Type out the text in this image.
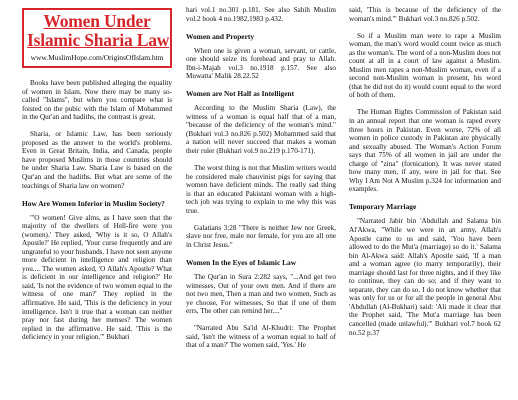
Women Under
Islamic Sharia Law
www.MuslimHope.com/OriginsOfIslam.htm

Books have been published alleging the equality of women in Islam. Now there may be many so-called "Islams", but when you compare what is foisted on the pubic with the Islam of Mohammed in the Qur'an and hadiths, the contrast is great.

Sharia, or Islamic Law, has been seriously proposed as the answer to the world's problems. Even in Great Britain, India, and Canada, people have proposed Muslims in those countries should be under Sharia Law. Sharia Law is based on the Qur'an and the hadiths. But what are some of the teachings of Sharia law on women?

How Are Women Inferior in Muslim Society?

"'O women! Give alms, as I have seen that the majority of the dwellers of Hell-fire were you (women).' They asked, 'Why is it so, O Allah's Apostle?' He replied, 'Your curse frequently and are ungrateful to your husbands. I have not seen anyone more deficient in intelligence and religion than you.... The women asked, 'O Allah's Apostle? What is deficient in our intelligence and religion?' He said, 'Is not the evidence of two women equal to the witness of one man?' They replied in the affirmative. He said, 'This is the deficiency in your intelligence. Isn't it true that a woman can neither pray nor fast during her menses? The women replied in the affirmative. He said, 'This is the deficiency in your religion.'" Bukhari

hari vol.1 no.301 p.181. See also Sahih Muslim vol.2 book 4 no.1982,1983 p.432.

Women and Property

When one is given a woman, servant, or cattle, one should seize its forehead and pray to Allah. Ibn-i-Majah vol.3 no.1918 p.157. See also Muwatta' Malik 28.22.52

Women are Not Half as Intelligent

According to the Muslim Sharia (Law), the witness of a woman is equal half that of a man, "because of the deficiency of the woman's mind." (Bukhari vol.3 no.826 p.502) Mohammed said that a nation will never succeed that makes a woman their ruler (Bukhari vol.9 no.219 p.170-171).

The worst thing is not that Muslim writers would be considered male chauvinist pigs for saying that women have deficient minds. The really sad thing is that an educated Pakistani woman with a high-tech job was trying to explain to me why this was true.

Galatians 3:28 "There is neither Jew nor Greek, slave nor free, male nor female, for you are all one in Christ Jesus."

Women In the Eyes of Islamic Law

The Qur'an in Sura 2:282 says, "...And get two witnesses, Out of your own men. And if there are not two men, Then a man and two women, Such as ye choose, For witnesses, So that if one of them errs, The other can remind her...."

"Narrated Abu Sa'id Al-Khudri: The Prophet said, 'Isn't the witness of a woman equal to half of that of a man?' The women said, 'Yes.' He

said, 'This is because of the deficiency of the woman's mind.'" Bukhari vol.3 no.826 p.502.

So if a Muslim man were to rape a Muslim woman, the man's word would count twice as much as the woman's. The word of a non-Muslim does not count at all in a court of law against a Muslim. Muslim men rapes a non-Muslim woman, even if a second non-Muslim woman is present, his word (that he did not do it) would count equal to the word of both of them.

The Human Rights Commission of Pakistan said in an annual report that one woman is raped every three hours in Pakistan. Even worse, 72% of all women in police custody in Pakistan are physically and sexually abused. The Woman's Action Forum says that 75% of all women in jail are under the charge of "zina" (fornication). It was never stated how many men, if any, were in jail for that. See Why I Am Not A Muslim p.324 for information and examples.

Temporary Marriage

"Narrated Jabir bin 'Abdullah and Salama bin Al'Akwa, "While we were in an army, Allah's Apostle came to us and said, 'You have been allowed to do the Mut'a (marriage) so do it.' Salama bin Al-Akwa said: Allah's Apostle said, 'If a man and a woman agree (to marry temporarily), their marriage should last for three nights, and if they like to continue, they can do so; and if they want to separate, they can do so. I do not know whether that was only for us or for all the people in general Abu 'Abdullah (Al-Bukhari) said: 'Ali made it clear that the Prophet said, 'The Mut'a marriage has been cancelled (made unlawful).'" Bukhari vol.7 book 62 no.52 p.37
